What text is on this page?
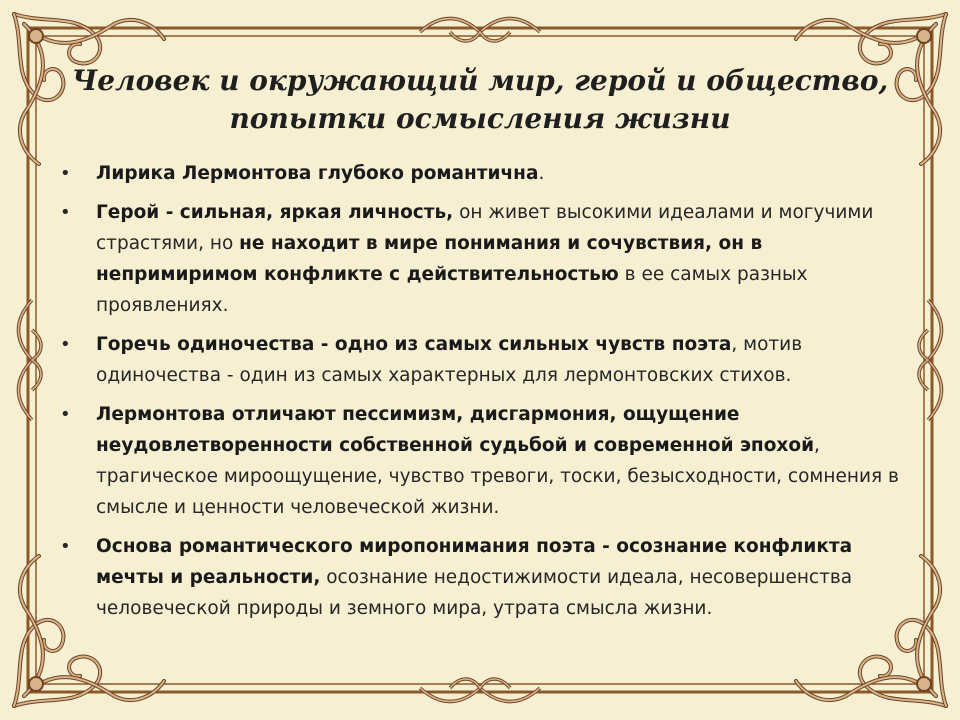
Человек и окружающий мир, герой и общество,
попытки осмысления жизни
• Лирика Лермонтова глубоко романтична.
• Герой - сильная, яркая личность, он живет высокими идеалами и могучими страстями, но не находит в мире понимания и сочувствия, он в непримиримом конфликте с действительностью в ее самых разных проявлениях.
• Горечь одиночества - одно из самых сильных чувств поэта, мотив одиночества - один из самых характерных для лермонтовских стихов.
• Лермонтова отличают пессимизм, дисгармония, ощущение неудовлетворенности собственной судьбой и современной эпохой, трагическое мироощущение, чувство тревоги, тоски, безысходности, сомнения в смысле и ценности человеческой жизни.
• Основа романтического миропонимания поэта - осознание конфликта мечты и реальности, осознание недостижимости идеала, несовершенства человеческой природы и земного мира, утрата смысла жизни.
